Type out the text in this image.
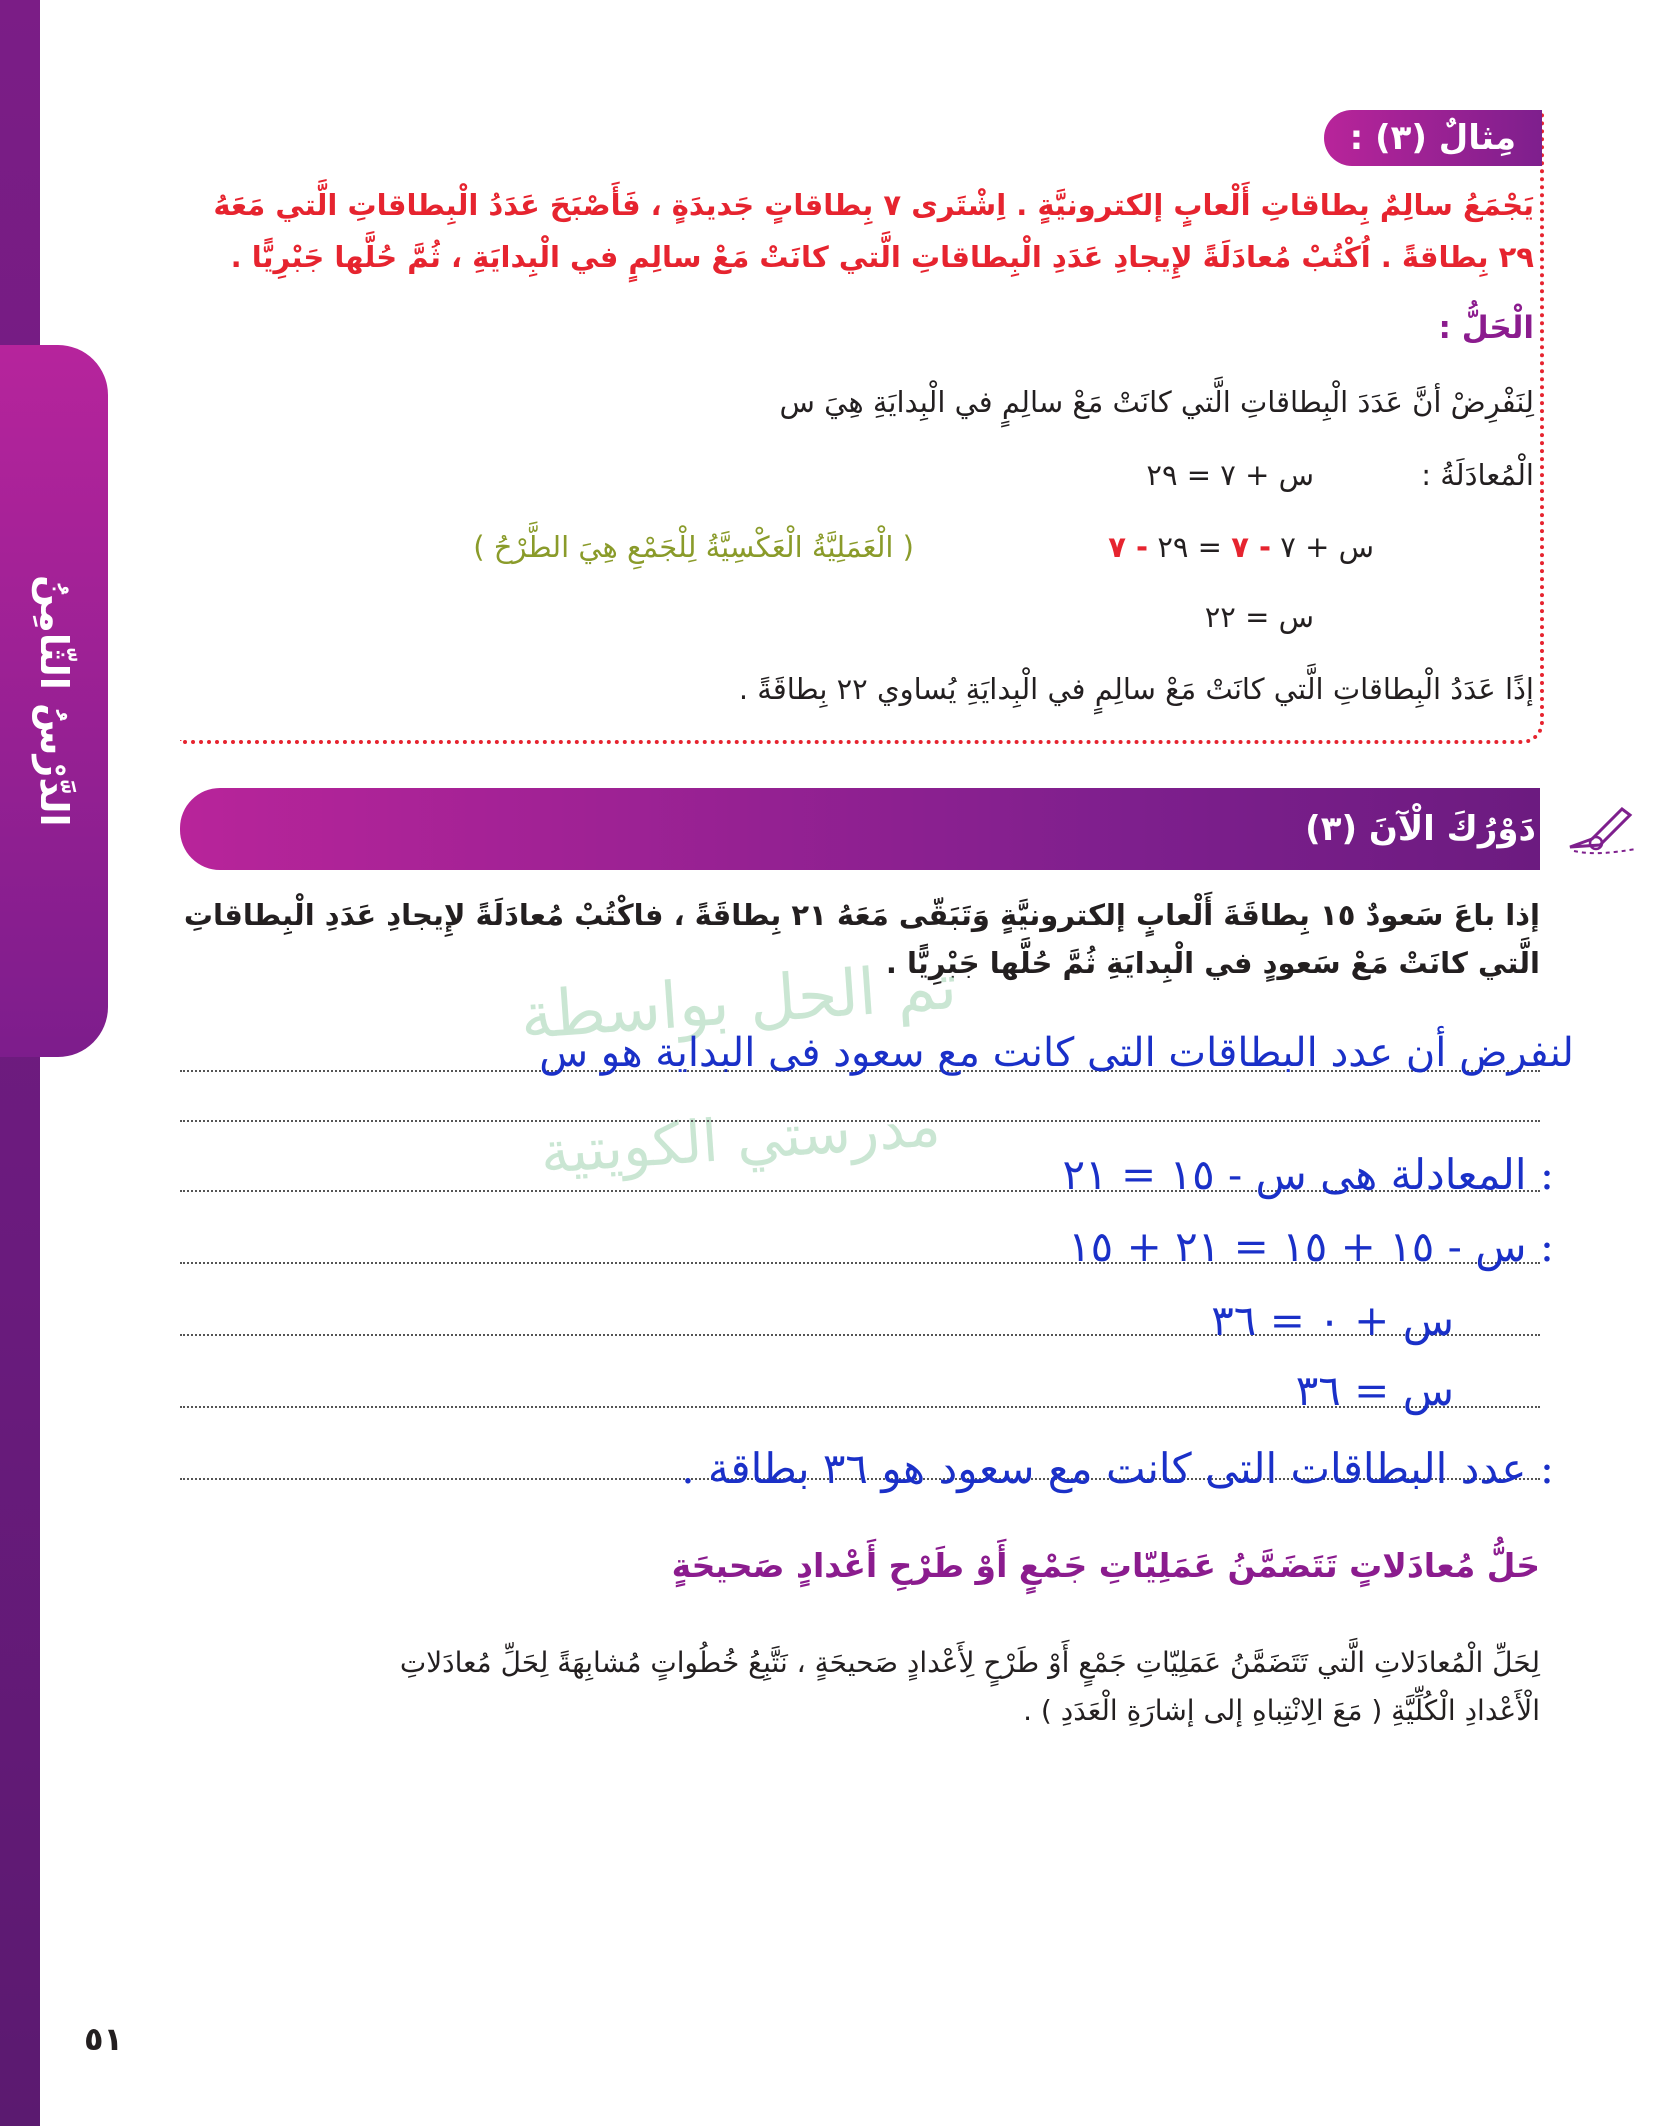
الدَّرْسُ الثّامِنُ
مِثالٌ (٣) :
يَجْمَعُ سالِمٌ بِطاقاتِ أَلْعابٍ إلكترونيَّةٍ . اِشْتَرى ٧ بِطاقاتٍ جَديدَةٍ ، فَأَصْبَحَ عَدَدُ الْبِطاقاتِ الَّتي مَعَهُ
٢٩ بِطاقةً . اُكْتُبْ مُعادَلَةً لإِيجادِ عَدَدِ الْبِطاقاتِ الَّتي كانَتْ مَعْ سالِمٍ في الْبِدايَةِ ، ثُمَّ حُلَّها جَبْرِيًّا .
الْحَلُّ :
لِنَفْرِضْ أنَّ عَدَدَ الْبِطاقاتِ الَّتي كانَتْ مَعْ سالِمٍ في الْبِدايَةِ هِيَ س
الْمُعادَلَةُ :
س + ٧ = ٢٩
س + ٧ - ٧ = ٢٩ - ٧
( الْعَمَلِيَّةُ الْعَكْسِيَّةُ لِلْجَمْعِ هِيَ الطَّرْحُ )
س = ٢٢
إذًا عَدَدُ الْبِطاقاتِ الَّتي كانَتْ مَعْ سالِمٍ في الْبِدايَةِ يُساوي ٢٢ بِطاقَةً .
دَوْرُكَ الْآنَ (٣)
إذا باعَ سَعودٌ ١٥ بِطاقَةَ أَلْعابٍ إلكترونيَّةٍ وَتَبَقّى مَعَهُ ٢١ بِطاقَةً ، فاكْتُبْ مُعادَلَةً لإِيجادِ عَدَدِ الْبِطاقاتِ
الَّتي كانَتْ مَعْ سَعودٍ في الْبِدايَةِ ثُمَّ حُلَّها جَبْرِيًّا .
تم الحل بواسطة
مدرستي الكويتية
لنفرض أن عدد البطاقات التى كانت مع سعود فى البداية هو س
: المعادلة هى س - ١٥ = ٢١
: س - ١٥ + ١٥ = ٢١ + ١٥
س + ٠ = ٣٦
س = ٣٦
: عدد البطاقات التى كانت مع سعود هو ٣٦ بطاقة .
حَلُّ مُعادَلاتٍ تَتَضَمَّنُ عَمَلِيّاتِ جَمْعٍ أَوْ طَرْحِ أَعْدادٍ صَحيحَةٍ
لِحَلِّ الْمُعادَلاتِ الَّتي تَتَضَمَّنُ عَمَلِيّاتِ جَمْعٍ أَوْ طَرْحٍ لِأَعْدادٍ صَحيحَةٍ ، نَتَّبِعُ خُطُواتٍ مُشابِهَةً لِحَلِّ مُعادَلاتِ
الْأَعْدادِ الْكُلِّيَّةِ ( مَعَ الِانْتِباهِ إلى إشارَةِ الْعَدَدِ ) .
٥١
